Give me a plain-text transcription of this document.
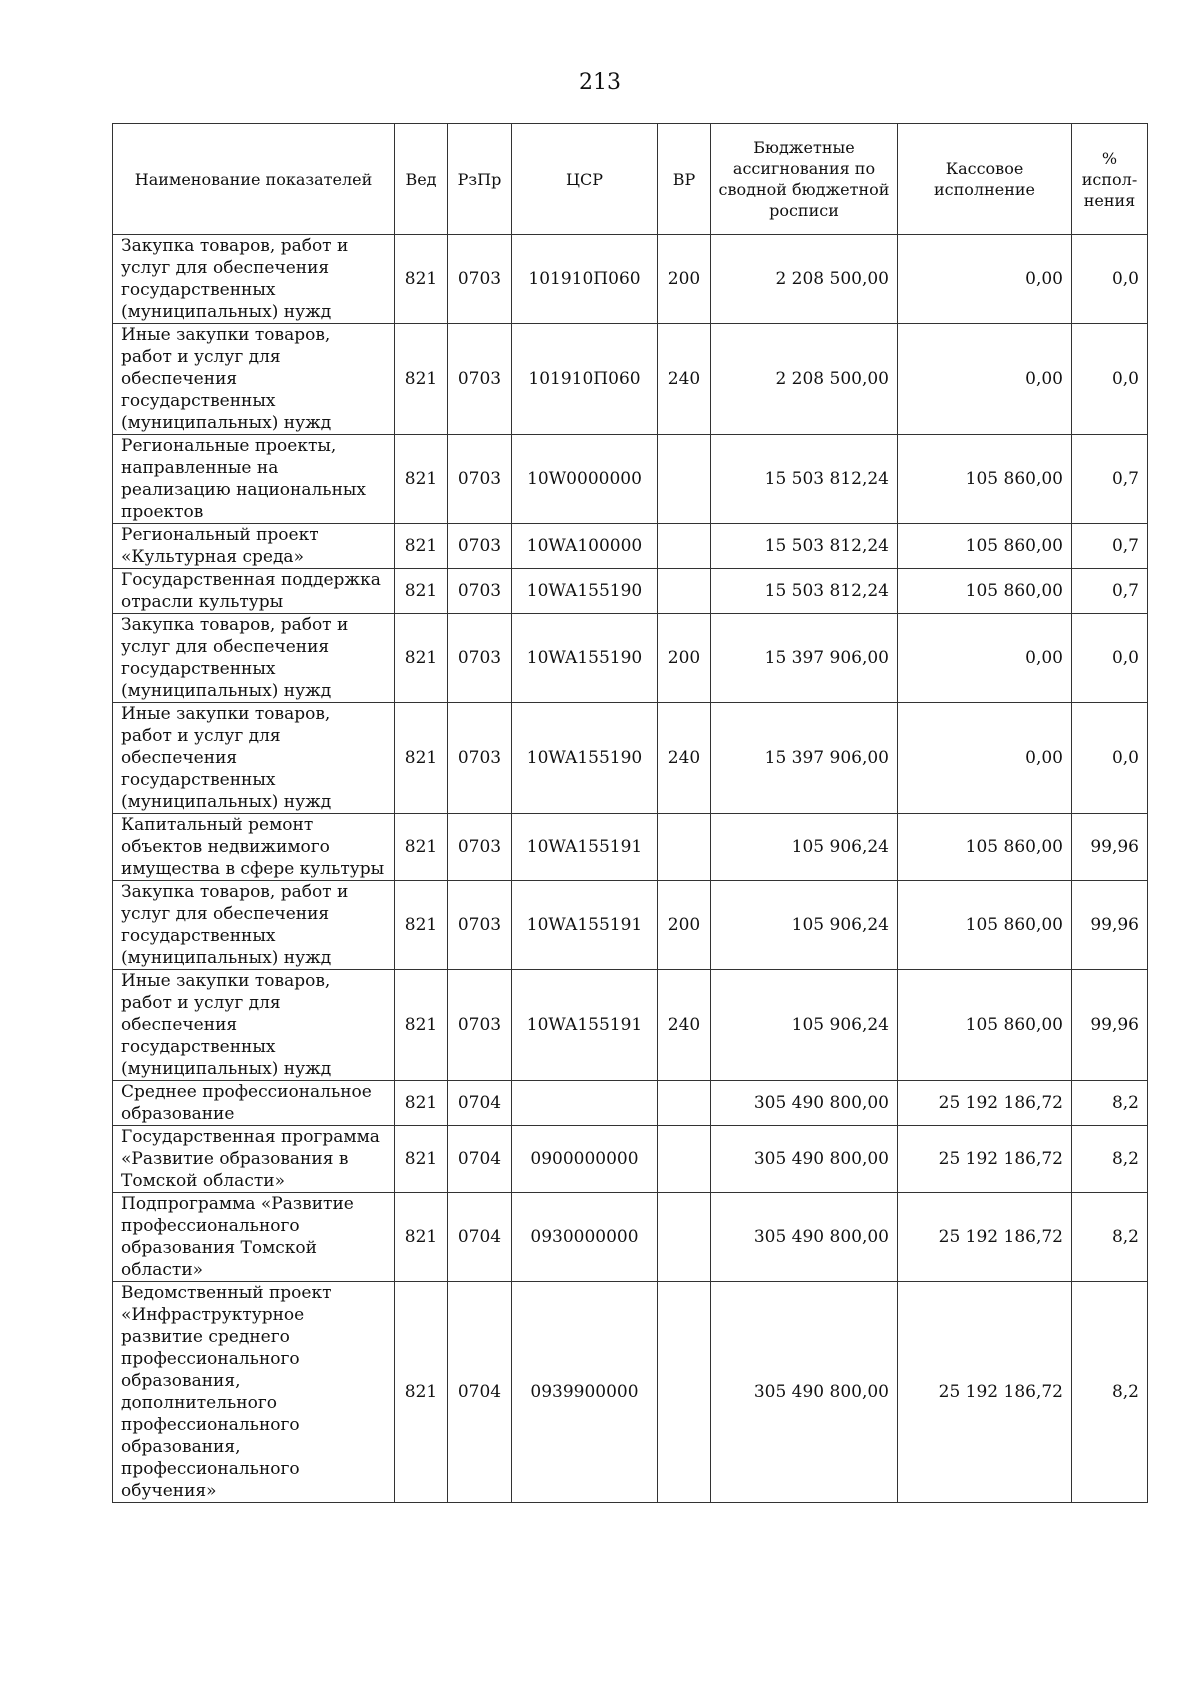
213
Наименование показателей	Вед	РзПр	ЦСР	ВР	Бюджетные ассигнования по сводной бюджетной росписи	Кассовое исполнение	% испол-нения
Закупка товаров, работ и услуг для обеспечения государственных (муниципальных) нужд	821	0703	101910П060	200	2 208 500,00	0,00	0,0
Иные закупки товаров, работ и услуг для обеспечения государственных (муниципальных) нужд	821	0703	101910П060	240	2 208 500,00	0,00	0,0
Региональные проекты, направленные на реализацию национальных проектов	821	0703	10W0000000		15 503 812,24	105 860,00	0,7
Региональный проект «Культурная среда»	821	0703	10WA100000		15 503 812,24	105 860,00	0,7
Государственная поддержка отрасли культуры	821	0703	10WA155190		15 503 812,24	105 860,00	0,7
Закупка товаров, работ и услуг для обеспечения государственных (муниципальных) нужд	821	0703	10WA155190	200	15 397 906,00	0,00	0,0
Иные закупки товаров, работ и услуг для обеспечения государственных (муниципальных) нужд	821	0703	10WA155190	240	15 397 906,00	0,00	0,0
Капитальный ремонт объектов недвижимого имущества в сфере культуры	821	0703	10WA155191		105 906,24	105 860,00	99,96
Закупка товаров, работ и услуг для обеспечения государственных (муниципальных) нужд	821	0703	10WA155191	200	105 906,24	105 860,00	99,96
Иные закупки товаров, работ и услуг для обеспечения государственных (муниципальных) нужд	821	0703	10WA155191	240	105 906,24	105 860,00	99,96
Среднее профессиональное образование	821	0704			305 490 800,00	25 192 186,72	8,2
Государственная программа «Развитие образования в Томской области»	821	0704	0900000000		305 490 800,00	25 192 186,72	8,2
Подпрограмма «Развитие профессионального образования Томской области»	821	0704	0930000000		305 490 800,00	25 192 186,72	8,2
Ведомственный проект «Инфраструктурное развитие среднего профессионального образования, дополнительного профессионального образования, профессионального обучения»	821	0704	0939900000		305 490 800,00	25 192 186,72	8,2
